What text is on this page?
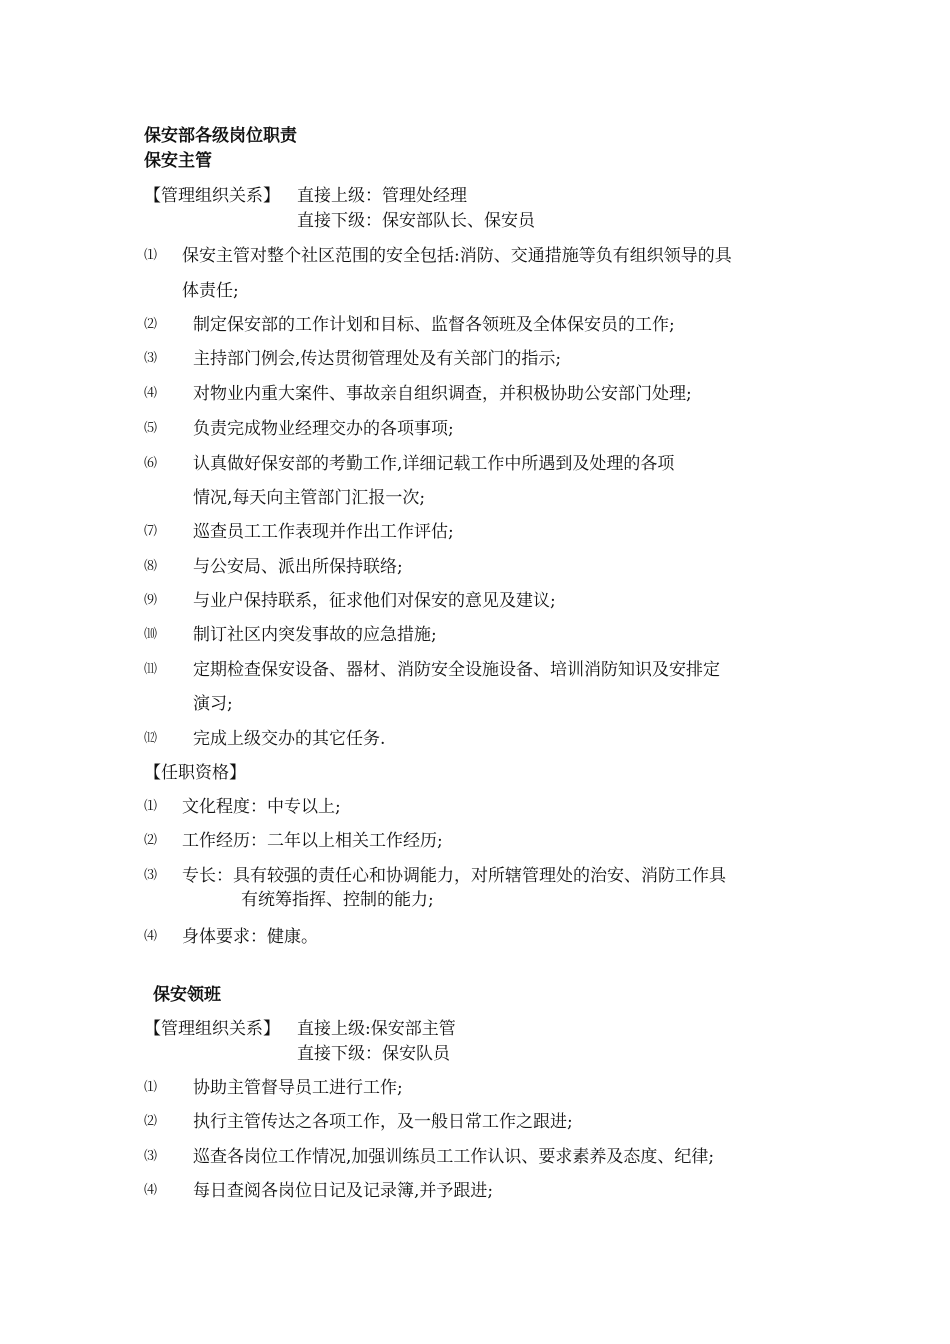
保安部各级岗位职责
保安主管
【管理组织关系】 直接上级：管理处经理
直接下级：保安部队长、保安员
⑴ 保安主管对整个社区范围的安全包括:消防、交通措施等负有组织领导的具
体责任;
⑵ 制定保安部的工作计划和目标、监督各领班及全体保安员的工作;
⑶ 主持部门例会,传达贯彻管理处及有关部门的指示;
⑷ 对物业内重大案件、事故亲自组织调查，并积极协助公安部门处理;
⑸ 负责完成物业经理交办的各项事项;
⑹ 认真做好保安部的考勤工作,详细记载工作中所遇到及处理的各项
情况,每天向主管部门汇报一次;
⑺ 巡查员工工作表现并作出工作评估;
⑻ 与公安局、派出所保持联络;
⑼ 与业户保持联系，征求他们对保安的意见及建议;
⑽ 制订社区内突发事故的应急措施;
⑾ 定期检查保安设备、器材、消防安全设施设备、培训消防知识及安排定
演习;
⑿ 完成上级交办的其它任务.
【任职资格】
⑴ 文化程度：中专以上;
⑵ 工作经历：二年以上相关工作经历;
⑶ 专长：具有较强的责任心和协调能力，对所辖管理处的治安、消防工作具
有统筹指挥、控制的能力;
⑷ 身体要求：健康。
保安领班
【管理组织关系】 直接上级:保安部主管
直接下级：保安队员
⑴ 协助主管督导员工进行工作;
⑵ 执行主管传达之各项工作，及一般日常工作之跟进;
⑶ 巡查各岗位工作情况,加强训练员工工作认识、要求素养及态度、纪律;
⑷ 每日查阅各岗位日记及记录簿,并予跟进;
